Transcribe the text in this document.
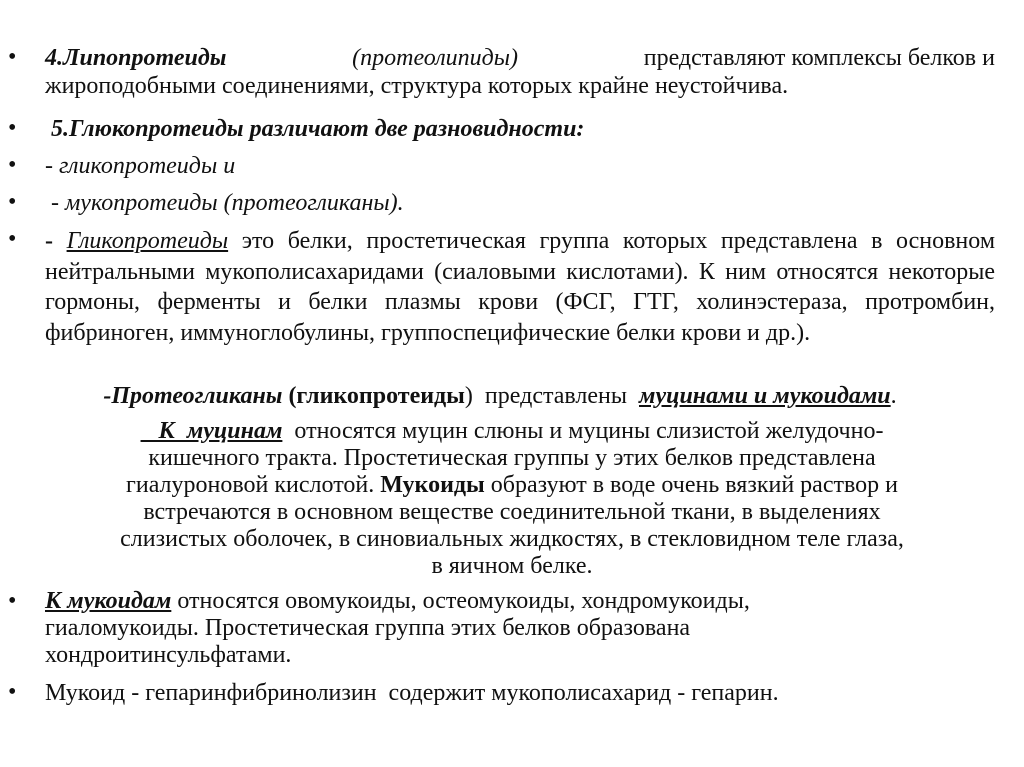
• 4.Липопротеиды	(протеолипиды)	представляют комплексы белков и
жироподобными соединениями, структура которых крайне неустойчива.
• 5.Глюкопротеиды различают две разновидности:
• - гликопротеиды и
• - мукопротеиды (протеогликаны).
• - Гликопротеиды это белки, простетическая группа которых представлена в основном нейтральными мукополисахаридами (сиаловыми кислотами). К ним относятся некоторые гормоны, ферменты и белки плазмы крови (ФСГ, ГТГ, холинэстераза, протромбин, фибриноген, иммуноглобулины, группоспецифические белки крови и др.).
-Протеогликаны (гликопротеиды)  представлены  муцинами и мукоидами.
К  муцинам  относятся муцин слюны и муцины слизистой желудочно-
кишечного тракта. Простетическая группы у этих белков представлена
гиалуроновой кислотой. Мукоиды образуют в воде очень вязкий раствор и
встречаются в основном веществе соединительной ткани, в выделениях
слизистых оболочек, в синовиальных жидкостях, в стекловидном теле глаза,
в яичном белке.
• К мукоидам относятся овомукоиды, остеомукоиды, хондромукоиды,
гиаломукоиды. Простетическая группа этих белков образована
хондроитинсульфатами.
• Мукоид - гепаринфибринолизин  содержит мукополисахарид - гепарин.
